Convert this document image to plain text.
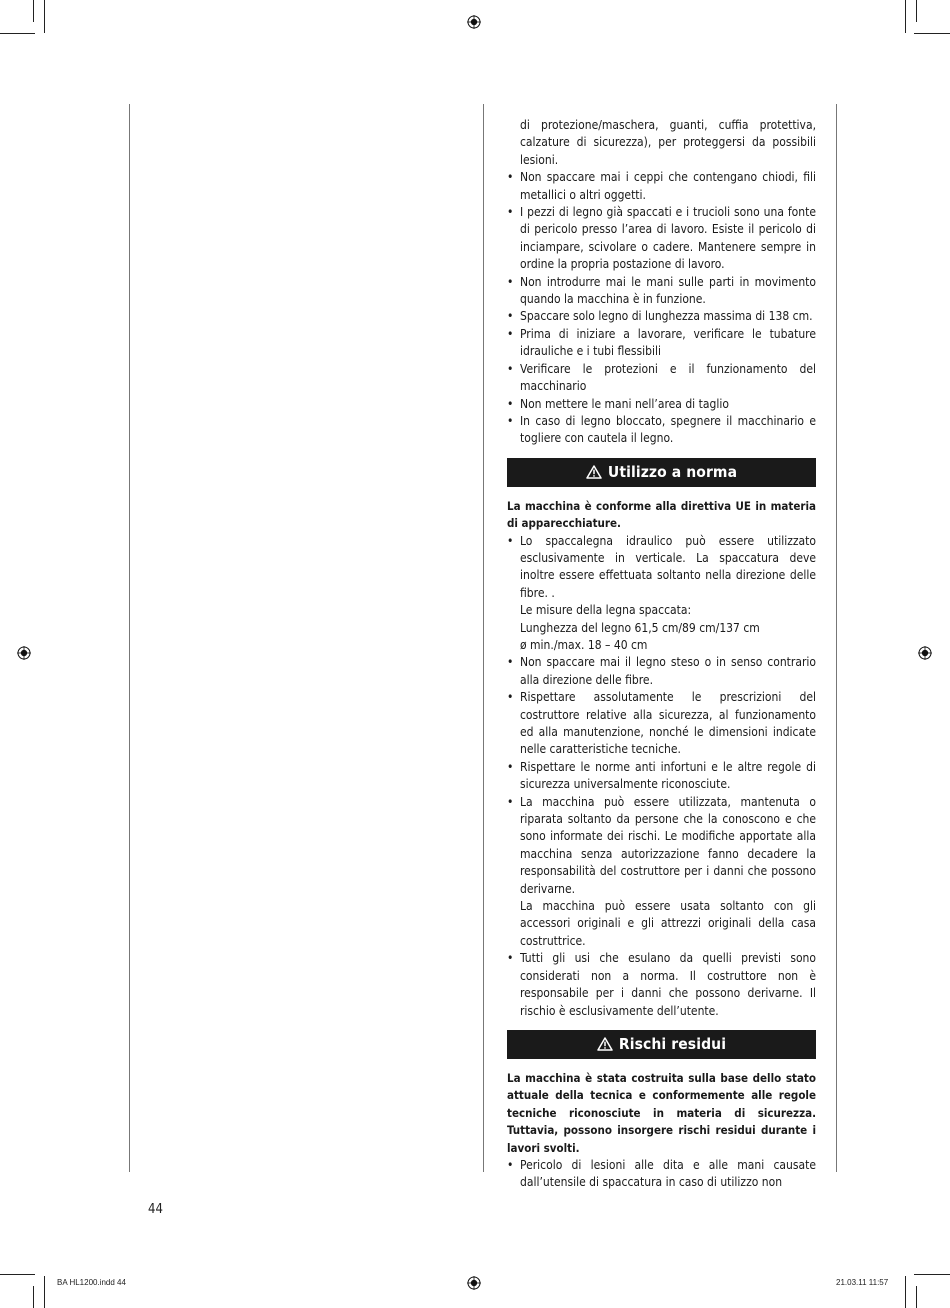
di protezione/maschera, guanti, cuffia protettiva, calzature di sicurezza), per proteggersi da possibili lesioni.
• Non spaccare mai i ceppi che contengano chiodi, fili metallici o altri oggetti.
• I pezzi di legno già spaccati e i trucioli sono una fonte di pericolo presso l’area di lavoro. Esiste il pericolo di inciampare, scivolare o cadere. Mantenere sempre in ordine la propria postazione di lavoro.
• Non introdurre mai le mani sulle parti in movimento quando la macchina è in funzione.
• Spaccare solo legno di lunghezza massima di 138 cm.
• Prima di iniziare a lavorare, verificare le tubature idrauliche e i tubi flessibili
• Verificare le protezioni e il funzionamento del macchinario
• Non mettere le mani nell’area di taglio
• In caso di legno bloccato, spegnere il macchinario e togliere con cautela il legno.
Utilizzo a norma
La macchina è conforme alla direttiva UE in materia di apparecchiature.
• Lo spaccalegna idraulico può essere utilizzato esclusivamente in verticale. La spaccatura deve inoltre essere effettuata soltanto nella direzione delle fibre. .
Le misure della legna spaccata:
Lunghezza del legno 61,5 cm/89 cm/137 cm
ø min./max. 18 – 40 cm
• Non spaccare mai il legno steso o in senso contrario alla direzione delle fibre.
• Rispettare assolutamente le prescrizioni del costruttore relative alla sicurezza, al funzionamento ed alla manutenzione, nonché le dimensioni indicate nelle caratteristiche tecniche.
• Rispettare le norme anti infortuni e le altre regole di sicurezza universalmente riconosciute.
• La macchina può essere utilizzata, mantenuta o riparata soltanto da persone che la conoscono e che sono informate dei rischi. Le modifiche apportate alla macchina senza autorizzazione fanno decadere la responsabilità del costruttore per i danni che possono derivarne.
La macchina può essere usata soltanto con gli accessori originali e gli attrezzi originali della casa costruttrice.
• Tutti gli usi che esulano da quelli previsti sono considerati non a norma. Il costruttore non è responsabile per i danni che possono derivarne. Il rischio è esclusivamente dell’utente.
Rischi residui
La macchina è stata costruita sulla base dello stato attuale della tecnica e conformemente alle regole tecniche riconosciute in materia di sicurezza. Tuttavia, possono insorgere rischi residui durante i lavori svolti.
• Pericolo di lesioni alle dita e alle mani causate dall’utensile di spaccatura in caso di utilizzo non
44
BA HL1200.indd 44	21.03.11 11:57
